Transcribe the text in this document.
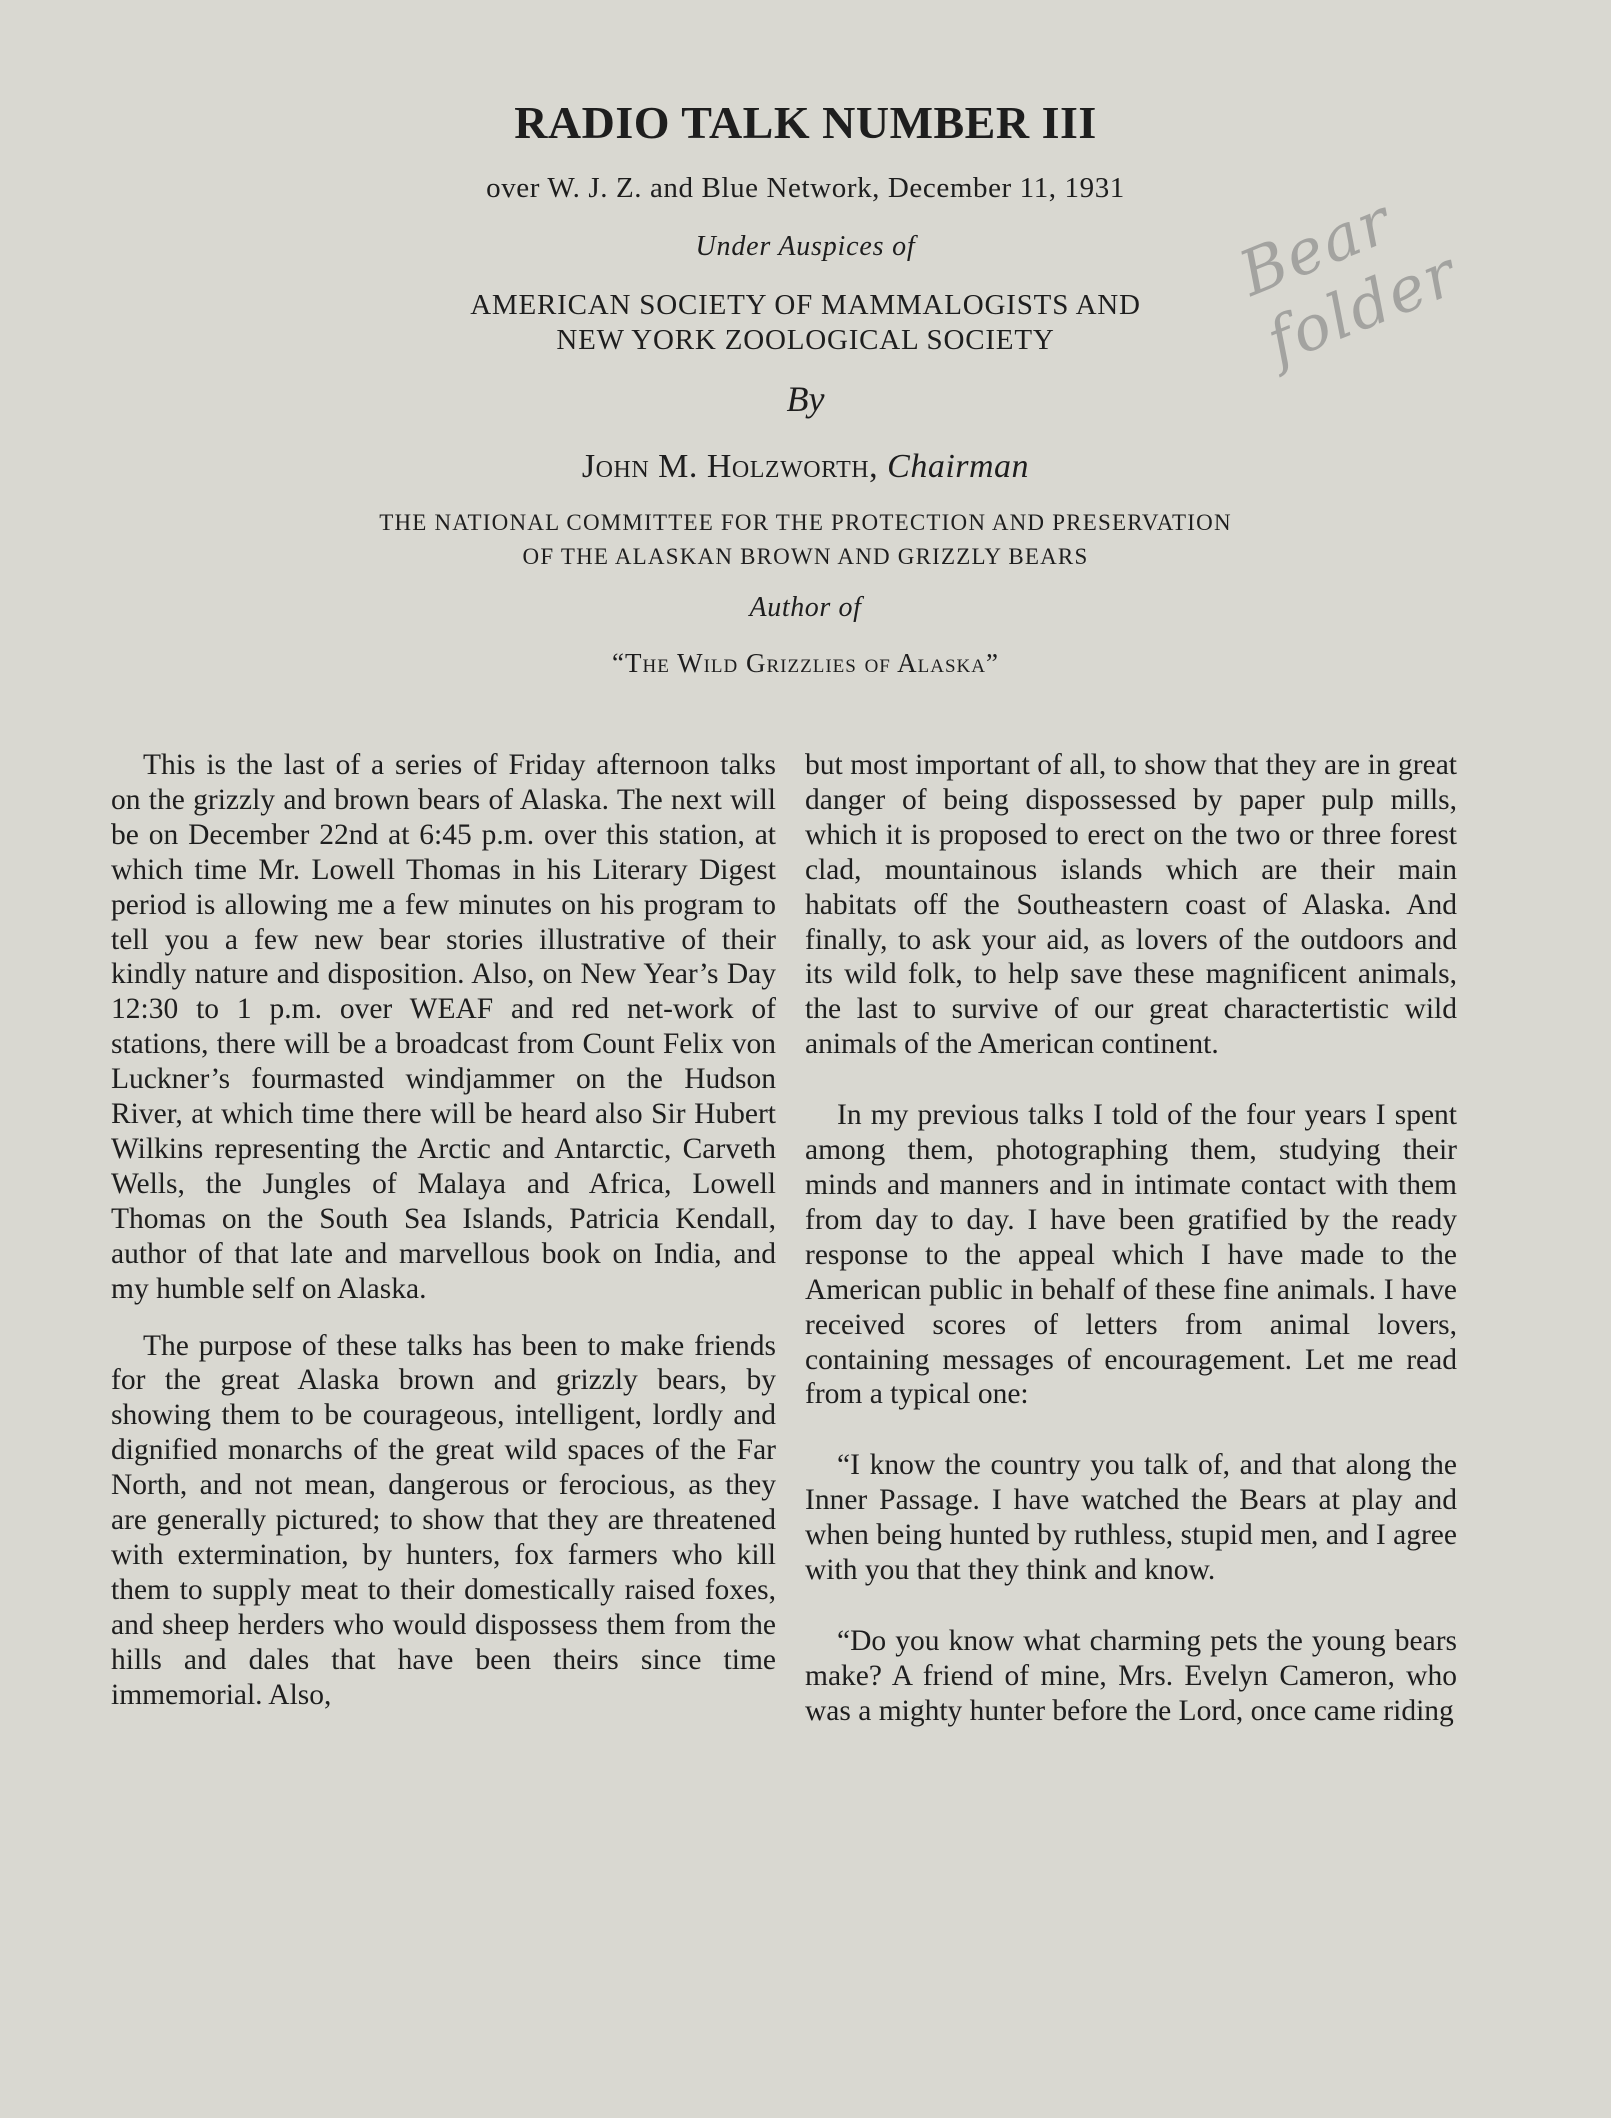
RADIO TALK NUMBER III
over W. J. Z. and Blue Network, December 11, 1931
Under Auspices of
AMERICAN SOCIETY OF MAMMALOGISTS AND
NEW YORK ZOOLOGICAL SOCIETY
By
John M. Holzworth, Chairman
THE NATIONAL COMMITTEE FOR THE PROTECTION AND PRESERVATION
OF THE ALASKAN BROWN AND GRIZZLY BEARS
Author of
“The Wild Grizzlies of Alaska”
Bear folder

This is the last of a series of Friday afternoon talks on the grizzly and brown bears of Alaska. The next will be on December 22nd at 6:45 p.m. over this station, at which time Mr. Lowell Thomas in his Literary Digest period is allowing me a few minutes on his program to tell you a few new bear stories illustrative of their kindly nature and disposition. Also, on New Year’s Day 12:30 to 1 p.m. over WEAF and red net-work of stations, there will be a broadcast from Count Felix von Luckner’s fourmasted windjammer on the Hudson River, at which time there will be heard also Sir Hubert Wilkins representing the Arctic and Antarctic, Carveth Wells, the Jungles of Malaya and Africa, Lowell Thomas on the South Sea Islands, Patricia Kendall, author of that late and marvellous book on India, and my humble self on Alaska.

The purpose of these talks has been to make friends for the great Alaska brown and grizzly bears, by showing them to be courageous, intelligent, lordly and dignified monarchs of the great wild spaces of the Far North, and not mean, dangerous or ferocious, as they are generally pictured; to show that they are threatened with extermination, by hunters, fox farmers who kill them to supply meat to their domestically raised foxes, and sheep herders who would dispossess them from the hills and dales that have been theirs since time immemorial. Also,

but most important of all, to show that they are in great danger of being dispossessed by paper pulp mills, which it is proposed to erect on the two or three forest clad, mountainous islands which are their main habitats off the Southeastern coast of Alaska. And finally, to ask your aid, as lovers of the outdoors and its wild folk, to help save these magnificent animals, the last to survive of our great charactertistic wild animals of the American continent.

In my previous talks I told of the four years I spent among them, photographing them, studying their minds and manners and in intimate contact with them from day to day. I have been gratified by the ready response to the appeal which I have made to the American public in behalf of these fine animals. I have received scores of letters from animal lovers, containing messages of encouragement. Let me read from a typical one:

“I know the country you talk of, and that along the Inner Passage. I have watched the Bears at play and when being hunted by ruthless, stupid men, and I agree with you that they think and know.

“Do you know what charming pets the young bears make? A friend of mine, Mrs. Evelyn Cameron, who was a mighty hunter before the Lord, once came riding
